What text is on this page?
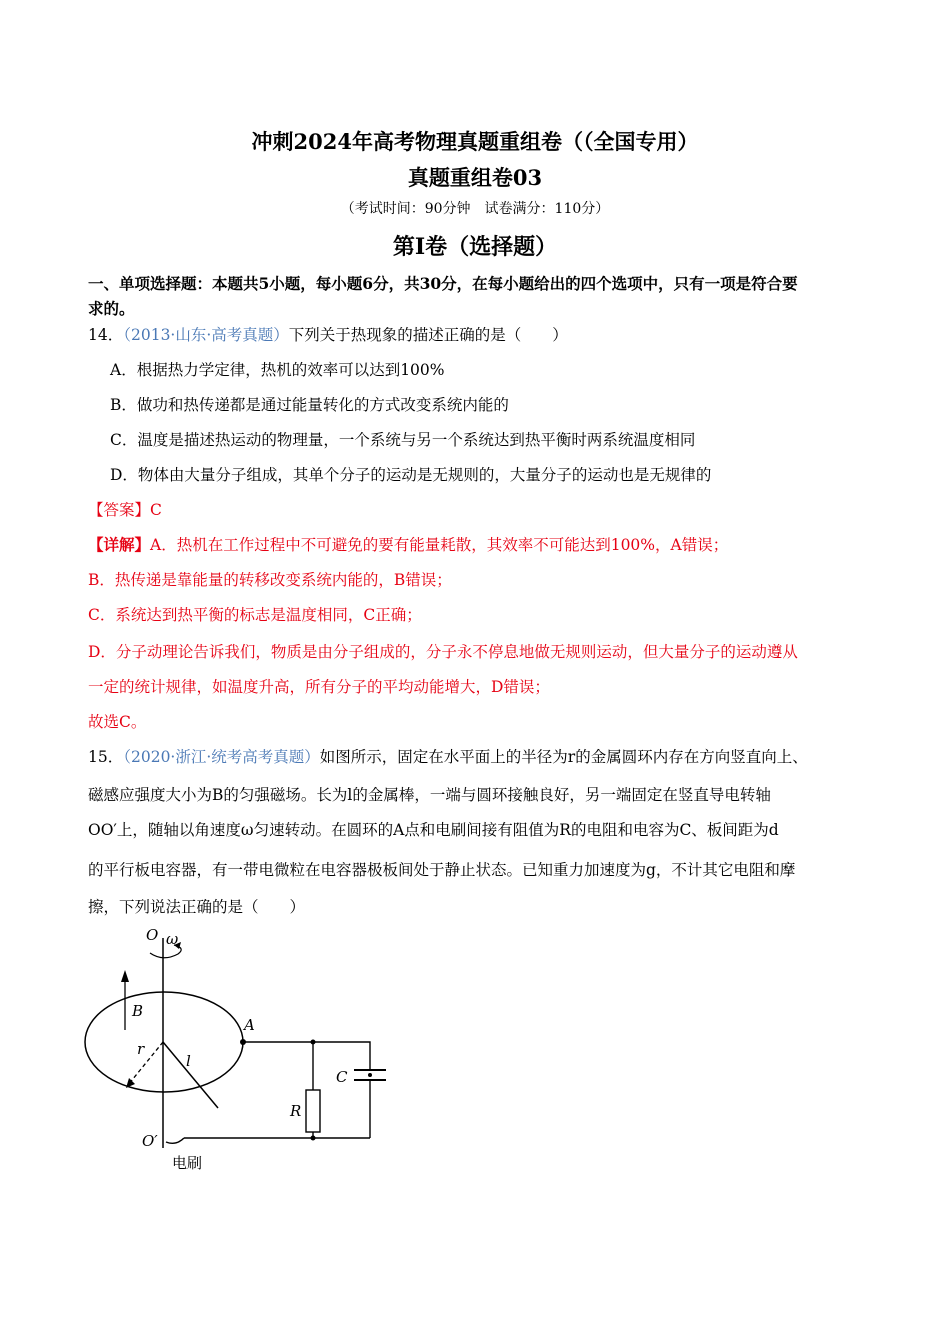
冲刺2024年高考物理真题重组卷（（全国专用）
真题重组卷03
（考试时间：90分钟　试卷满分：110分）
第I卷（选择题）
一、单项选择题：本题共5小题，每小题6分，共30分，在每小题给出的四个选项中，只有一项是符合要
求的。
14．（2013·山东·高考真题）下列关于热现象的描述正确的是（　　）
A．根据热力学定律，热机的效率可以达到100%
B．做功和热传递都是通过能量转化的方式改变系统内能的
C．温度是描述热运动的物理量，一个系统与另一个系统达到热平衡时两系统温度相同
D．物体由大量分子组成，其单个分子的运动是无规则的，大量分子的运动也是无规律的
【答案】C
【详解】A．热机在工作过程中不可避免的要有能量耗散，其效率不可能达到100%，A错误；
B．热传递是靠能量的转移改变系统内能的，B错误；
C．系统达到热平衡的标志是温度相同，C正确；
D．分子动理论告诉我们，物质是由分子组成的，分子永不停息地做无规则运动，但大量分子的运动遵从
一定的统计规律，如温度升高，所有分子的平均动能增大，D错误；
故选C。
15．（2020·浙江·统考高考真题）如图所示，固定在水平面上的半径为r的金属圆环内存在方向竖直向上、
磁感应强度大小为B的匀强磁场。长为l的金属棒，一端与圆环接触良好，另一端固定在竖直导电转轴
OO′上，随轴以角速度ω匀速转动。在圆环的A点和电刷间接有阻值为R的电阻和电容为C、板间距为d
的平行板电容器，有一带电微粒在电容器极板间处于静止状态。已知重力加速度为g，不计其它电阻和摩
擦，下列说法正确的是（　　）
O ω
B
A
r
l
R
C
O′
电刷
